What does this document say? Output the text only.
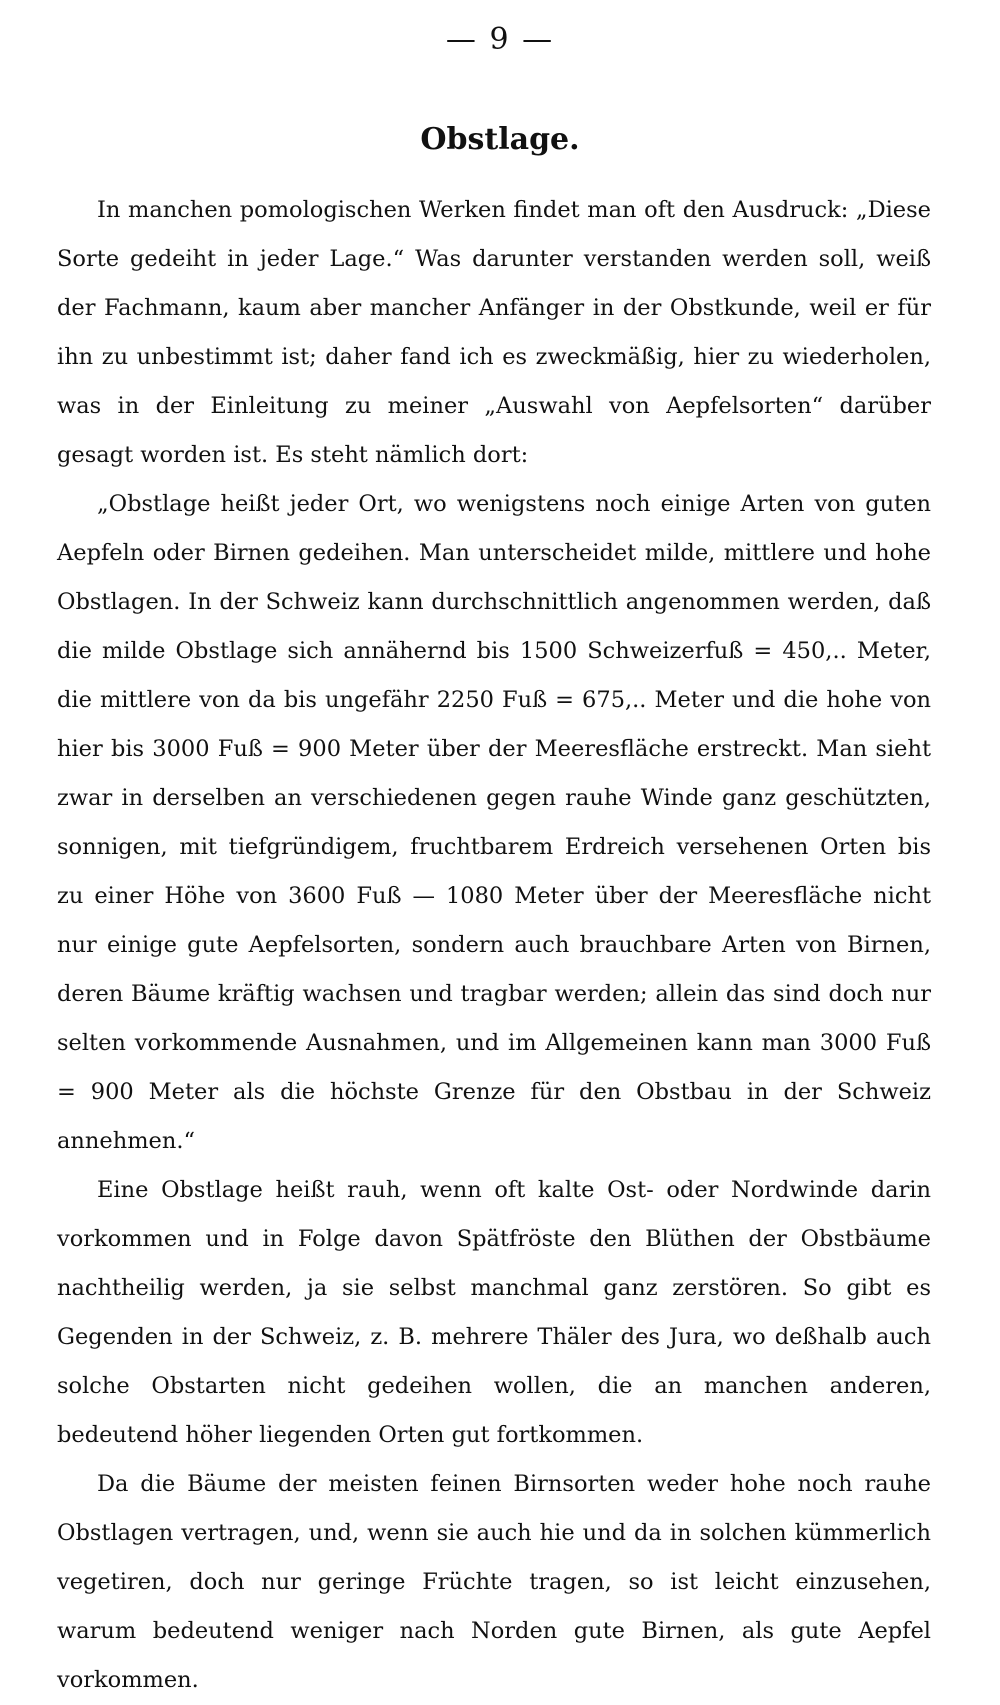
— 9 —
Obstlage.

In manchen pomologischen Werken findet man oft den Ausdruck: „Diese Sorte gedeiht in jeder Lage.“ Was darunter verstanden werden soll, weiß der Fachmann, kaum aber mancher Anfänger in der Obstkunde, weil er für ihn zu unbestimmt ist; daher fand ich es zweckmäßig, hier zu wiederholen, was in der Einleitung zu meiner „Auswahl von Aepfelsorten“ darüber gesagt worden ist. Es steht nämlich dort:

„Obstlage heißt jeder Ort, wo wenigstens noch einige Arten von guten Aepfeln oder Birnen gedeihen. Man unterscheidet milde, mittlere und hohe Obstlagen. In der Schweiz kann durchschnittlich angenommen werden, daß die milde Obstlage sich annähernd bis 1500 Schweizerfuß = 450,.. Meter, die mittlere von da bis ungefähr 2250 Fuß = 675,.. Meter und die hohe von hier bis 3000 Fuß = 900 Meter über der Meeresfläche erstreckt. Man sieht zwar in derselben an verschiedenen gegen rauhe Winde ganz geschützten, sonnigen, mit tiefgründigem, fruchtbarem Erdreich versehenen Orten bis zu einer Höhe von 3600 Fuß — 1080 Meter über der Meeresfläche nicht nur einige gute Aepfelsorten, sondern auch brauchbare Arten von Birnen, deren Bäume kräftig wachsen und tragbar werden; allein das sind doch nur selten vorkommende Ausnahmen, und im Allgemeinen kann man 3000 Fuß = 900 Meter als die höchste Grenze für den Obstbau in der Schweiz annehmen.“

Eine Obstlage heißt rauh, wenn oft kalte Ost- oder Nordwinde darin vorkommen und in Folge davon Spätfröste den Blüthen der Obstbäume nachtheilig werden, ja sie selbst manchmal ganz zerstören. So gibt es Gegenden in der Schweiz, z. B. mehrere Thäler des Jura, wo deßhalb auch solche Obstarten nicht gedeihen wollen, die an manchen anderen, bedeutend höher liegenden Orten gut fortkommen.

Da die Bäume der meisten feinen Birnsorten weder hohe noch rauhe Obstlagen vertragen, und, wenn sie auch hie und da in solchen kümmerlich vegetiren, doch nur geringe Früchte tragen, so ist leicht einzusehen, warum bedeutend weniger nach Norden gute Birnen, als gute Aepfel vorkommen.
